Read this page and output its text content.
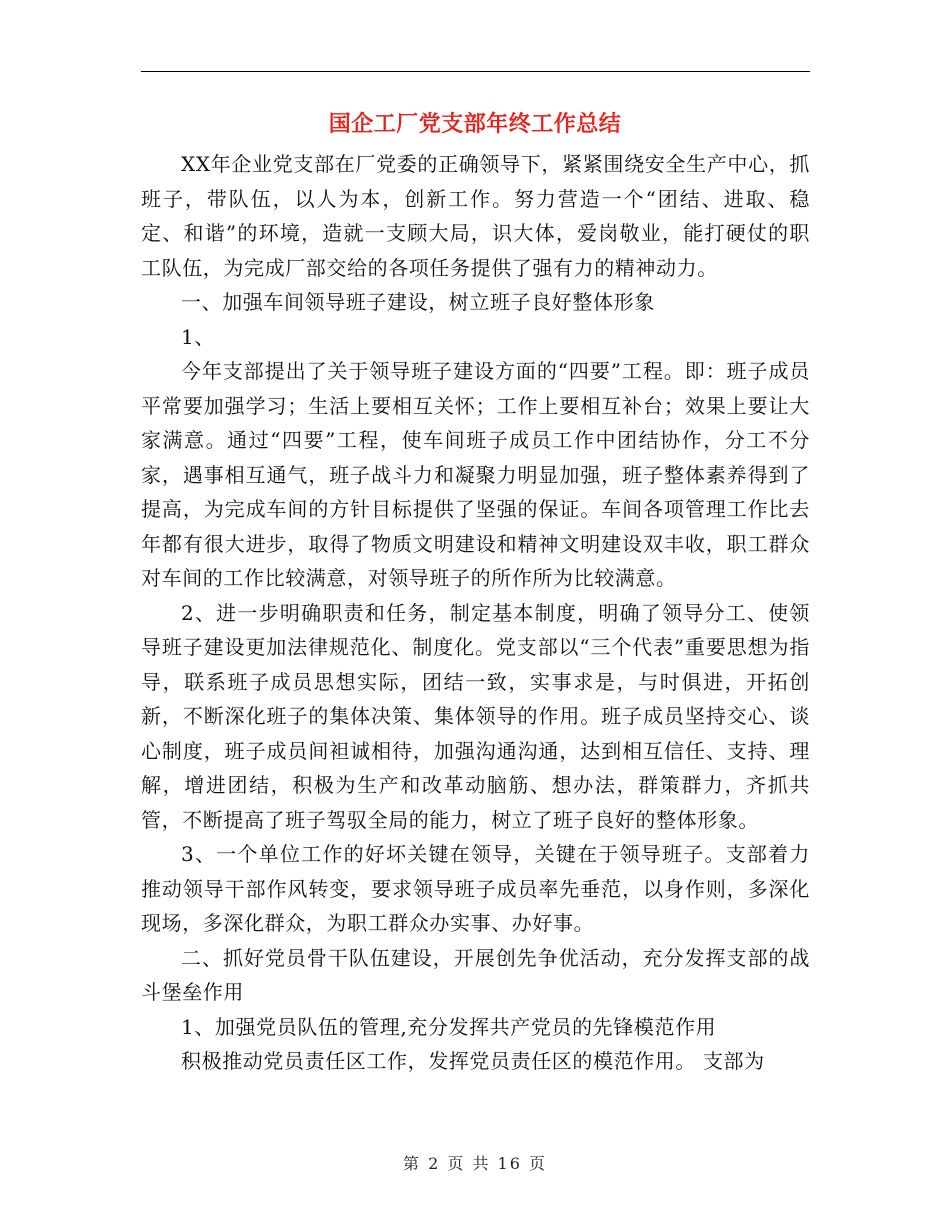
国企工厂党支部年终工作总结

XX年企业党支部在厂党委的正确领导下，紧紧围绕安全生产中心，抓班子，带队伍，以人为本，创新工作。努力营造一个“团结、进取、稳定、和谐”的环境，造就一支顾大局，识大体，爱岗敬业，能打硬仗的职工队伍，为完成厂部交给的各项任务提供了强有力的精神动力。

一、加强车间领导班子建设，树立班子良好整体形象

1、

今年支部提出了关于领导班子建设方面的“四要”工程。即：班子成员平常要加强学习；生活上要相互关怀；工作上要相互补台；效果上要让大家满意。通过“四要”工程，使车间班子成员工作中团结协作，分工不分家，遇事相互通气，班子战斗力和凝聚力明显加强，班子整体素养得到了提高，为完成车间的方针目标提供了坚强的保证。车间各项管理工作比去年都有很大进步，取得了物质文明建设和精神文明建设双丰收，职工群众对车间的工作比较满意，对领导班子的所作所为比较满意。

2、进一步明确职责和任务，制定基本制度，明确了领导分工、使领导班子建设更加法律规范化、制度化。党支部以“三个代表”重要思想为指导，联系班子成员思想实际，团结一致，实事求是，与时俱进，开拓创新，不断深化班子的集体决策、集体领导的作用。班子成员坚持交心、谈心制度，班子成员间袒诚相待，加强沟通沟通，达到相互信任、支持、理解，增进团结，积极为生产和改革动脑筋、想办法，群策群力，齐抓共管，不断提高了班子驾驭全局的能力，树立了班子良好的整体形象。

3、一个单位工作的好坏关键在领导，关键在于领导班子。支部着力推动领导干部作风转变，要求领导班子成员率先垂范，以身作则，多深化现场，多深化群众，为职工群众办实事、办好事。

二、抓好党员骨干队伍建设，开展创先争优活动，充分发挥支部的战斗堡垒作用

1、加强党员队伍的管理,充分发挥共产党员的先锋模范作用

积极推动党员责任区工作，发挥党员责任区的模范作用。 支部为

第 2 页 共 16 页
